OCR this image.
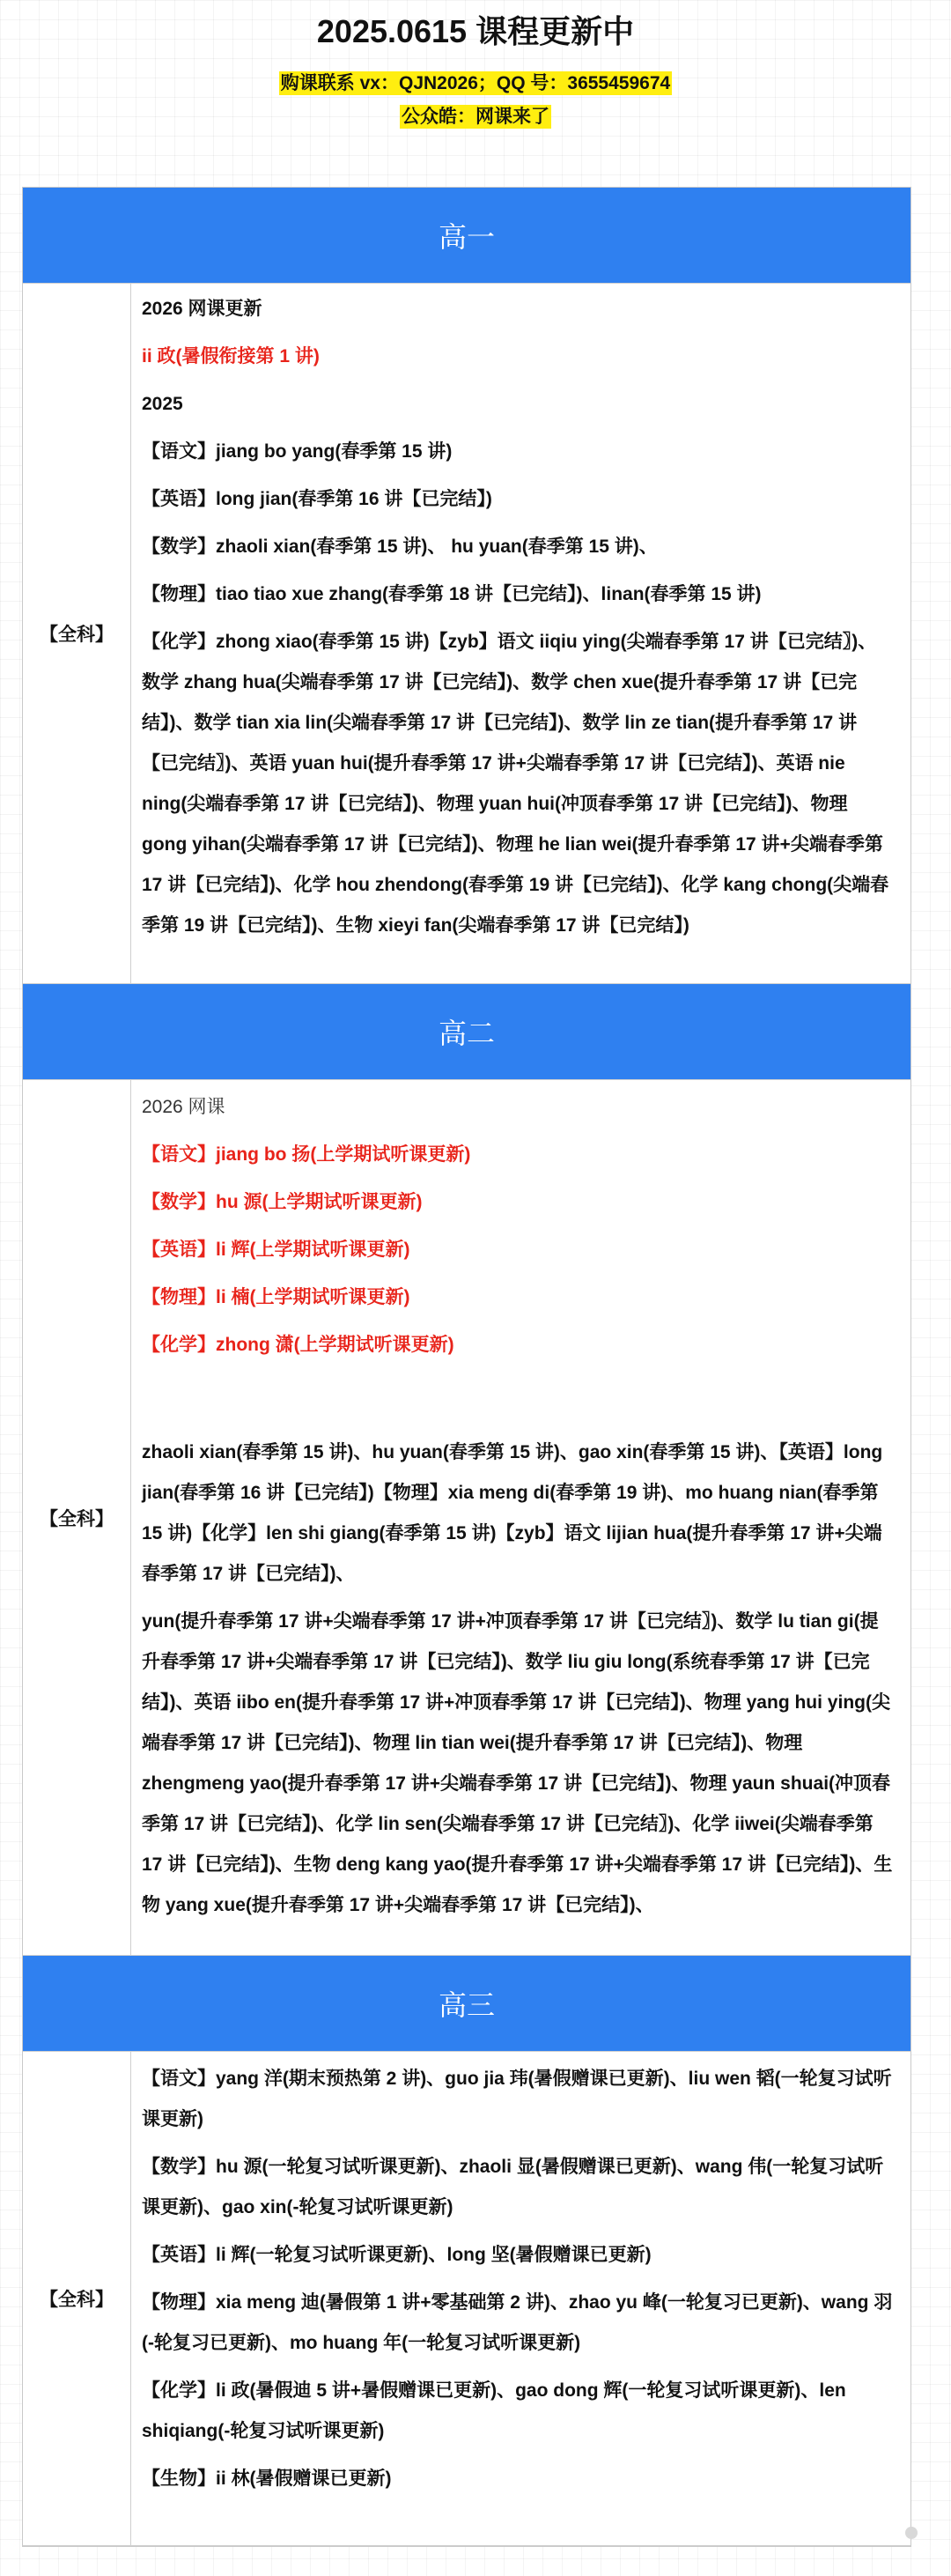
2025.0615 课程更新中
购课联系 vx：QJN2026；QQ 号：3655459674
公众皓：网课来了
高一
【全科】

2026 网课更新

ii 政(暑假衔接第 1 讲)

2025

【语文】jiang bo yang(春季第 15 讲)

【英语】long jian(春季第 16 讲【已完结】)

【数学】zhaoli xian(春季第 15 讲)、 hu yuan(春季第 15 讲)、

【物理】tiao tiao xue zhang(春季第 18 讲【已完结】)、linan(春季第 15 讲)

【化学】zhong xiao(春季第 15 讲)【zyb】语文 iiqiu ying(尖端春季第 17 讲【已完结〗)、数学 zhang hua(尖端春季第 17 讲【已完结】)、数学 chen xue(提升春季第 17 讲【已完结】)、数学 tian xia lin(尖端春季第 17 讲【已完结】)、数学 lin ze tian(提升春季第 17 讲【已完结〗)、英语 yuan hui(提升春季第 17 讲+尖端春季第 17 讲【已完结】)、英语 nie ning(尖端春季第 17 讲【已完结】)、物理 yuan hui(冲顶春季第 17 讲【已完结】)、物理 gong yihan(尖端春季第 17 讲【已完结】)、物理 he lian wei(提升春季第 17 讲+尖端春季第 17 讲【已完结】)、化学 hou zhendong(春季第 19 讲【已完结】)、化学 kang chong(尖端春季第 19 讲【已完结】)、生物 xieyi fan(尖端春季第 17 讲【已完结】)

高二
【全科】

2026 网课

【语文】jiang bo 扬(上学期试听课更新)

【数学】hu 源(上学期试听课更新)

【英语】li 辉(上学期试听课更新)

【物理】li 楠(上学期试听课更新)

【化学】zhong 潇(上学期试听课更新)

zhaoli xian(春季第 15 讲)、hu yuan(春季第 15 讲)、gao xin(春季第 15 讲)、【英语】long jian(春季第 16 讲【已完结】)【物理】xia meng di(春季第 19 讲)、mo huang nian(春季第 15 讲)【化学】len shi giang(春季第 15 讲)【zyb】语文 lijian hua(提升春季第 17 讲+尖端春季第 17 讲【已完结】)、

yun(提升春季第 17 讲+尖端春季第 17 讲+冲顶春季第 17 讲【已完结〗)、数学 lu tian gi(提升春季第 17 讲+尖端春季第 17 讲【已完结】)、数学 liu giu long(系统春季第 17 讲【已完结】)、英语 iibo en(提升春季第 17 讲+冲顶春季第 17 讲【已完结】)、物理 yang hui ying(尖端春季第 17 讲【已完结】)、物理 lin tian wei(提升春季第 17 讲【已完结】)、物理 zhengmeng yao(提升春季第 17 讲+尖端春季第 17 讲【已完结】)、物理 yaun shuai(冲顶春季第 17 讲【已完结】)、化学 lin sen(尖端春季第 17 讲【已完结〗)、化学 iiwei(尖端春季第 17 讲【已完结】)、生物 deng kang yao(提升春季第 17 讲+尖端春季第 17 讲【已完结】)、生物 yang xue(提升春季第 17 讲+尖端春季第 17 讲【已完结】)、

高三
【全科】

【语文】yang 洋(期末预热第 2 讲)、guo jia 玮(暑假赠课已更新)、liu wen 韬(一轮复习试听课更新)

【数学】hu 源(一轮复习试听课更新)、zhaoli 显(暑假赠课已更新)、wang 伟(一轮复习试听课更新)、gao xin(-轮复习试听课更新)

【英语】li 辉(一轮复习试听课更新)、long 坚(暑假赠课已更新)

【物理】xia meng 迪(暑假第 1 讲+零基础第 2 讲)、zhao yu 峰(一轮复习已更新)、wang 羽(-轮复习已更新)、mo huang 年(一轮复习试听课更新)

【化学】li 政(暑假迪 5 讲+暑假赠课已更新)、gao dong 辉(一轮复习试听课更新)、len shiqiang(-轮复习试听课更新)

【生物】ii 林(暑假赠课已更新)
